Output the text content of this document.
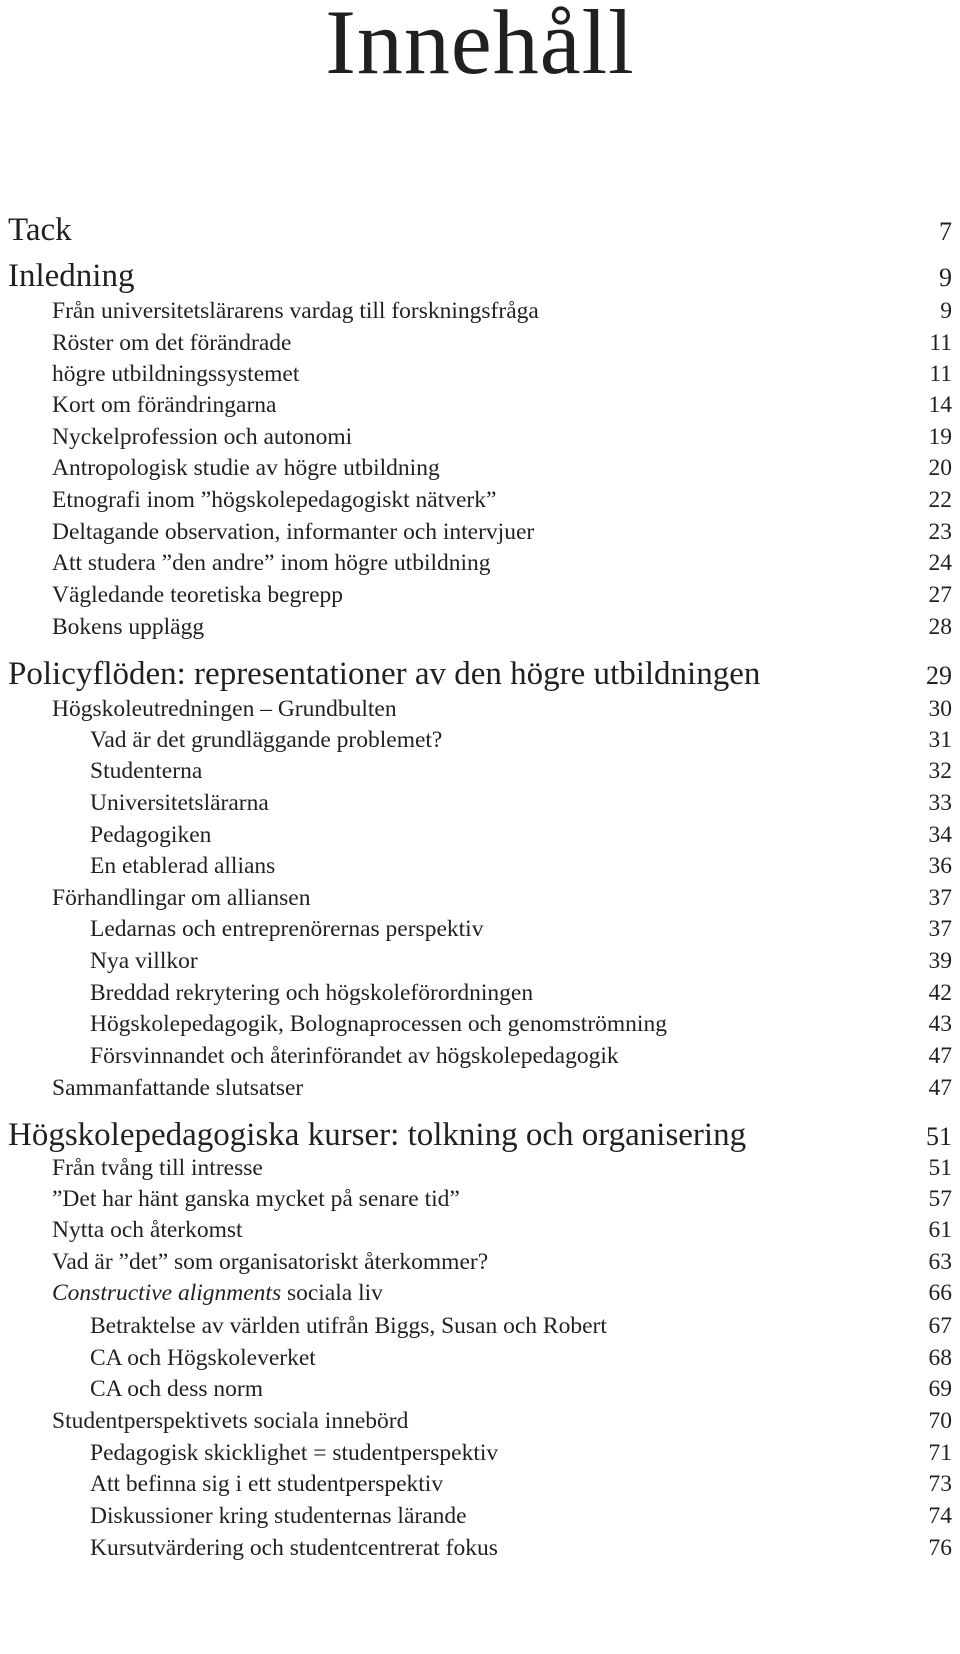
Innehåll
Tack	7
Inledning	9
Från universitetslärarens vardag till forskningsfråga	9
Röster om det förändrade	11
högre utbildningssystemet	11
Kort om förändringarna	14
Nyckelprofession och autonomi	19
Antropologisk studie av högre utbildning	20
Etnografi inom ”högskolepedagogiskt nätverk”	22
Deltagande observation, informanter och intervjuer	23
Att studera ”den andre” inom högre utbildning	24
Vägledande teoretiska begrepp	27
Bokens upplägg	28
Policyflöden: representationer av den högre utbildningen	29
Högskoleutredningen – Grundbulten	30
Vad är det grundläggande problemet?	31
Studenterna	32
Universitetslärarna	33
Pedagogiken	34
En etablerad allians	36
Förhandlingar om alliansen	37
Ledarnas och entreprenörernas perspektiv	37
Nya villkor	39
Breddad rekrytering och högskoleförordningen	42
Högskolepedagogik, Bolognaprocessen och genomströmning	43
Försvinnandet och återinförandet av högskolepedagogik	47
Sammanfattande slutsatser	47
Högskolepedagogiska kurser: tolkning och organisering	51
Från tvång till intresse	51
”Det har hänt ganska mycket på senare tid”	57
Nytta och återkomst	61
Vad är ”det” som organisatoriskt återkommer?	63
Constructive alignments sociala liv	66
Betraktelse av världen utifrån Biggs, Susan och Robert	67
CA och Högskoleverket	68
CA och dess norm	69
Studentperspektivets sociala innebörd	70
Pedagogisk skicklighet = studentperspektiv	71
Att befinna sig i ett studentperspektiv	73
Diskussioner kring studenternas lärande	74
Kursutvärdering och studentcentrerat fokus	76
